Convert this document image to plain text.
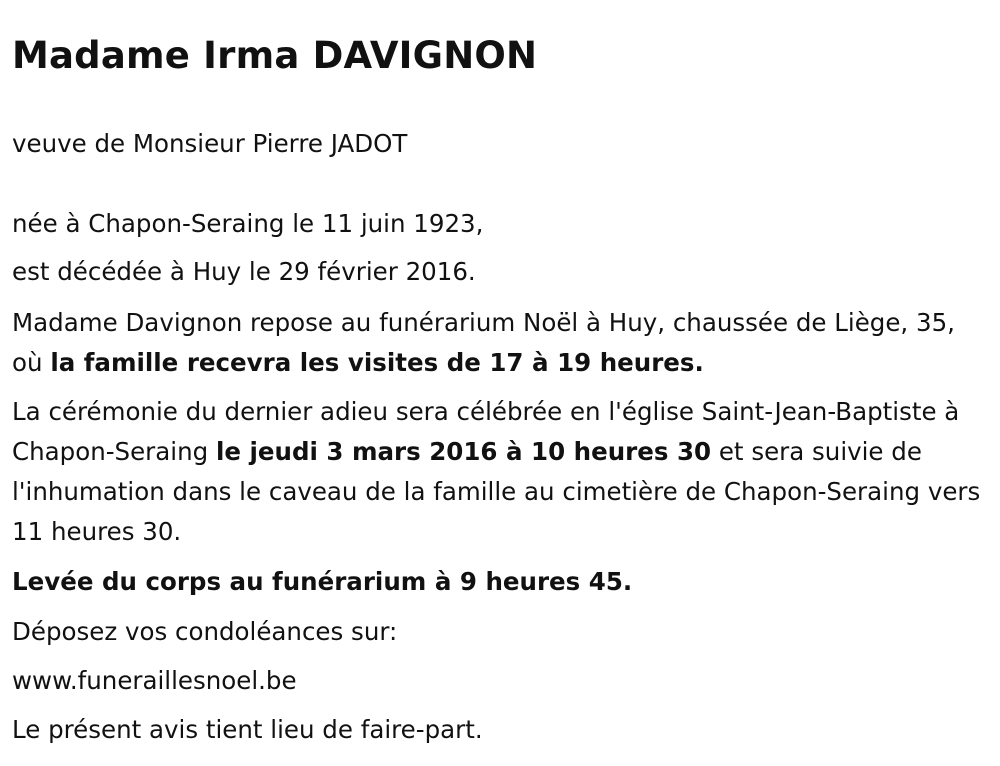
Madame Irma DAVIGNON

veuve de Monsieur Pierre JADOT

née à Chapon-Seraing le 11 juin 1923,

est décédée à Huy le 29 février 2016.

Madame Davignon repose au funérarium Noël à Huy, chaussée de Liège, 35, où la famille recevra les visites de 17 à 19 heures.

La cérémonie du dernier adieu sera célébrée en l'église Saint-Jean-Baptiste à Chapon-Seraing le jeudi 3 mars 2016 à 10 heures 30 et sera suivie de l'inhumation dans le caveau de la famille au cimetière de Chapon-Seraing vers 11 heures 30.

Levée du corps au funérarium à 9 heures 45.

Déposez vos condoléances sur:

www.funeraillesnoel.be

Le présent avis tient lieu de faire-part.
